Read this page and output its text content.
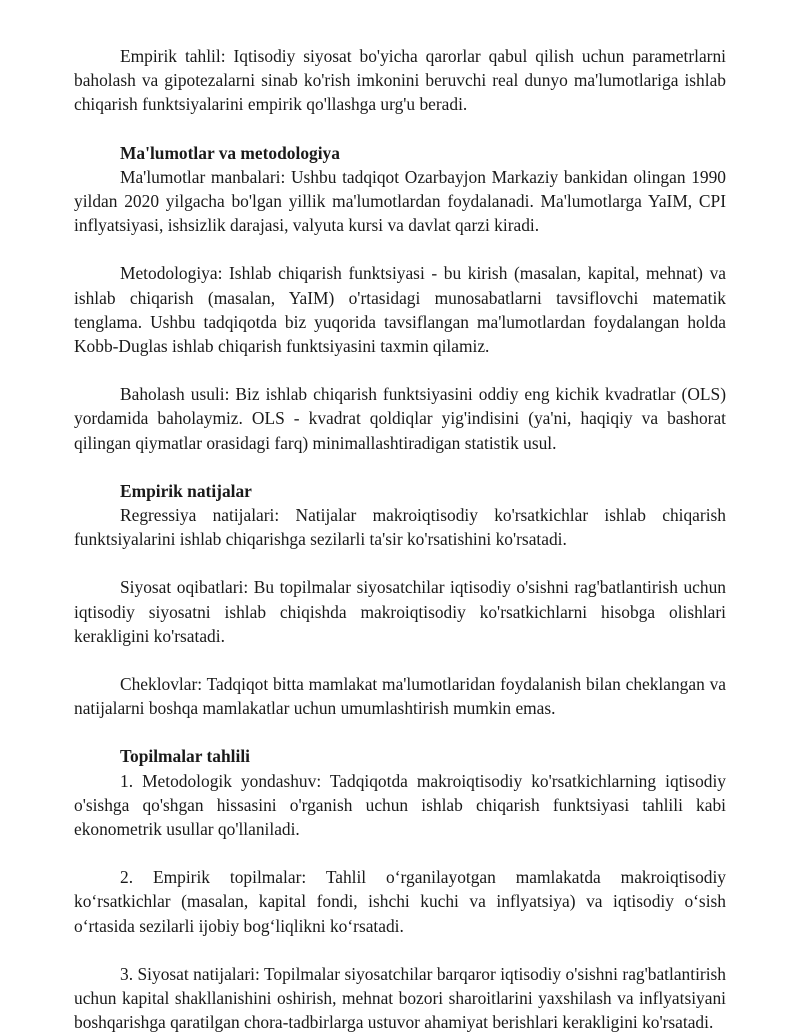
Empirik tahlil: Iqtisodiy siyosat bo'yicha qarorlar qabul qilish uchun parametrlarni baholash va gipotezalarni sinab ko'rish imkonini beruvchi real dunyo ma'lumotlariga ishlab chiqarish funktsiyalarini empirik qo'llashga urg'u beradi.

Ma'lumotlar va metodologiya

Ma'lumotlar manbalari: Ushbu tadqiqot Ozarbayjon Markaziy bankidan olingan 1990 yildan 2020 yilgacha bo'lgan yillik ma'lumotlardan foydalanadi. Ma'lumotlarga YaIM, CPI inflyatsiyasi, ishsizlik darajasi, valyuta kursi va davlat qarzi kiradi.

Metodologiya: Ishlab chiqarish funktsiyasi - bu kirish (masalan, kapital, mehnat) va ishlab chiqarish (masalan, YaIM) o'rtasidagi munosabatlarni tavsiflovchi matematik tenglama. Ushbu tadqiqotda biz yuqorida tavsiflangan ma'lumotlardan foydalangan holda Kobb-Duglas ishlab chiqarish funktsiyasini taxmin qilamiz.

Baholash usuli: Biz ishlab chiqarish funktsiyasini oddiy eng kichik kvadratlar (OLS) yordamida baholaymiz. OLS - kvadrat qoldiqlar yig'indisini (ya'ni, haqiqiy va bashorat qilingan qiymatlar orasidagi farq) minimallashtiradigan statistik usul.

Empirik natijalar

Regressiya natijalari: Natijalar makroiqtisodiy ko'rsatkichlar ishlab chiqarish funktsiyalarini ishlab chiqarishga sezilarli ta'sir ko'rsatishini ko'rsatadi.

Siyosat oqibatlari: Bu topilmalar siyosatchilar iqtisodiy o'sishni rag'batlantirish uchun iqtisodiy siyosatni ishlab chiqishda makroiqtisodiy ko'rsatkichlarni hisobga olishlari kerakligini ko'rsatadi.

Cheklovlar: Tadqiqot bitta mamlakat ma'lumotlaridan foydalanish bilan cheklangan va natijalarni boshqa mamlakatlar uchun umumlashtirish mumkin emas.

Topilmalar tahlili

1. Metodologik yondashuv: Tadqiqotda makroiqtisodiy ko'rsatkichlarning iqtisodiy o'sishga qo'shgan hissasini o'rganish uchun ishlab chiqarish funktsiyasi tahlili kabi ekonometrik usullar qo'llaniladi.

2. Empirik topilmalar: Tahlil o‘rganilayotgan mamlakatda makroiqtisodiy ko‘rsatkichlar (masalan, kapital fondi, ishchi kuchi va inflyatsiya) va iqtisodiy o‘sish o‘rtasida sezilarli ijobiy bog‘liqlikni ko‘rsatadi.

3. Siyosat natijalari: Topilmalar siyosatchilar barqaror iqtisodiy o'sishni rag'batlantirish uchun kapital shakllanishini oshirish, mehnat bozori sharoitlarini yaxshilash va inflyatsiyani boshqarishga qaratilgan chora-tadbirlarga ustuvor ahamiyat berishlari kerakligini ko'rsatadi.
